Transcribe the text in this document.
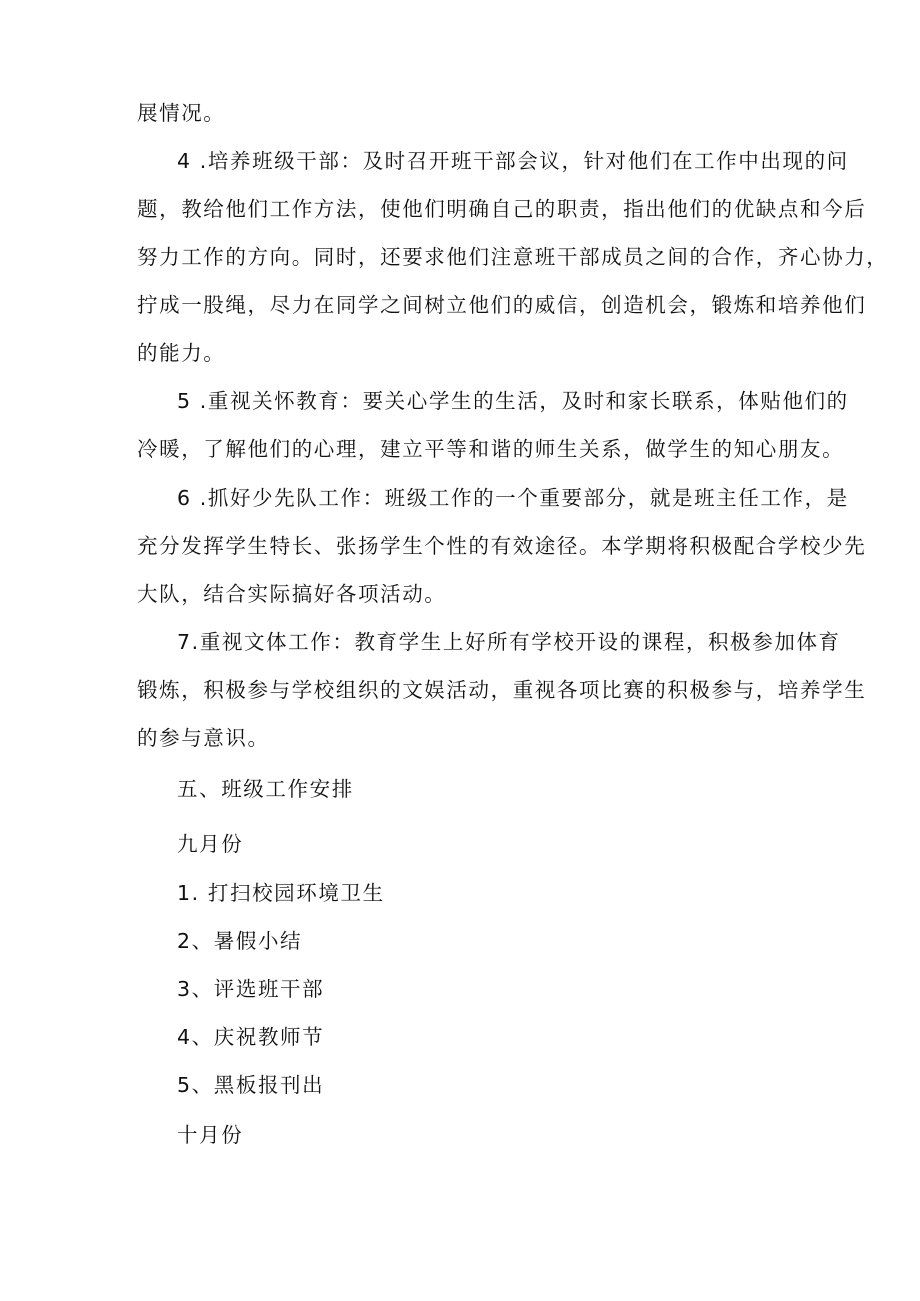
展情况。
4 .培养班级干部：及时召开班干部会议，针对他们在工作中出现的问
题，教给他们工作方法，使他们明确自己的职责，指出他们的优缺点和今后
努力工作的方向。同时，还要求他们注意班干部成员之间的合作，齐心协力，
拧成一股绳，尽力在同学之间树立他们的威信，创造机会，锻炼和培养他们
的能力。
5 .重视关怀教育：要关心学生的生活，及时和家长联系，体贴他们的
冷暖，了解他们的心理，建立平等和谐的师生关系，做学生的知心朋友。
6 .抓好少先队工作：班级工作的一个重要部分，就是班主任工作，是
充分发挥学生特长、张扬学生个性的有效途径。本学期将积极配合学校少先
大队，结合实际搞好各项活动。
7.重视文体工作：教育学生上好所有学校开设的课程，积极参加体育
锻炼，积极参与学校组织的文娱活动，重视各项比赛的积极参与，培养学生
的参与意识。
五、班级工作安排
九月份
1. 打扫校园环境卫生
2、暑假小结
3、评选班干部
4、庆祝教师节
5、黑板报刊出
十月份
